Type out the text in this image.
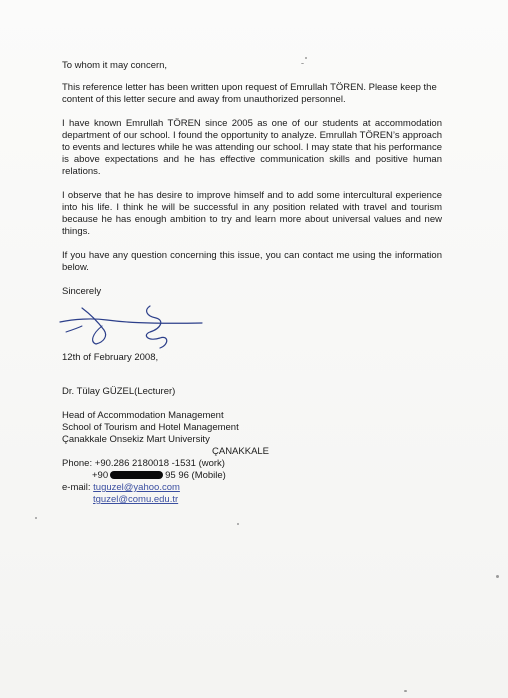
To whom it may concern,

This reference letter has been written upon request of Emrullah TÖREN. Please keep the content of this letter secure and away from unauthorized personnel.

I have known Emrullah TÖREN since 2005 as one of our students at accommodation department of our school. I found the opportunity to analyze. Emrullah TÖREN’s approach to events and lectures while he was attending our school. I may state that his performance is above expectations and he has effective communication skills and positive human relations.

I observe that he has desire to improve himself and to add some intercultural experience into his life. I think he will be successful in any position related with travel and tourism because he has enough ambition to try and learn more about universal values and new things.

If you have any question concerning this issue, you can contact me using the information below.

Sincerely

12th of February 2008,

Dr. Tülay GÜZEL(Lecturer)

Head of Accommodation Management
School of Tourism and Hotel Management
Çanakkale Onsekiz Mart University
ÇANAKKALE
Phone: +90.286 2180018 -1531 (work)
+90	95 96 (Mobile)
e-mail: tuguzel@yahoo.com
tguzel@comu.edu.tr
